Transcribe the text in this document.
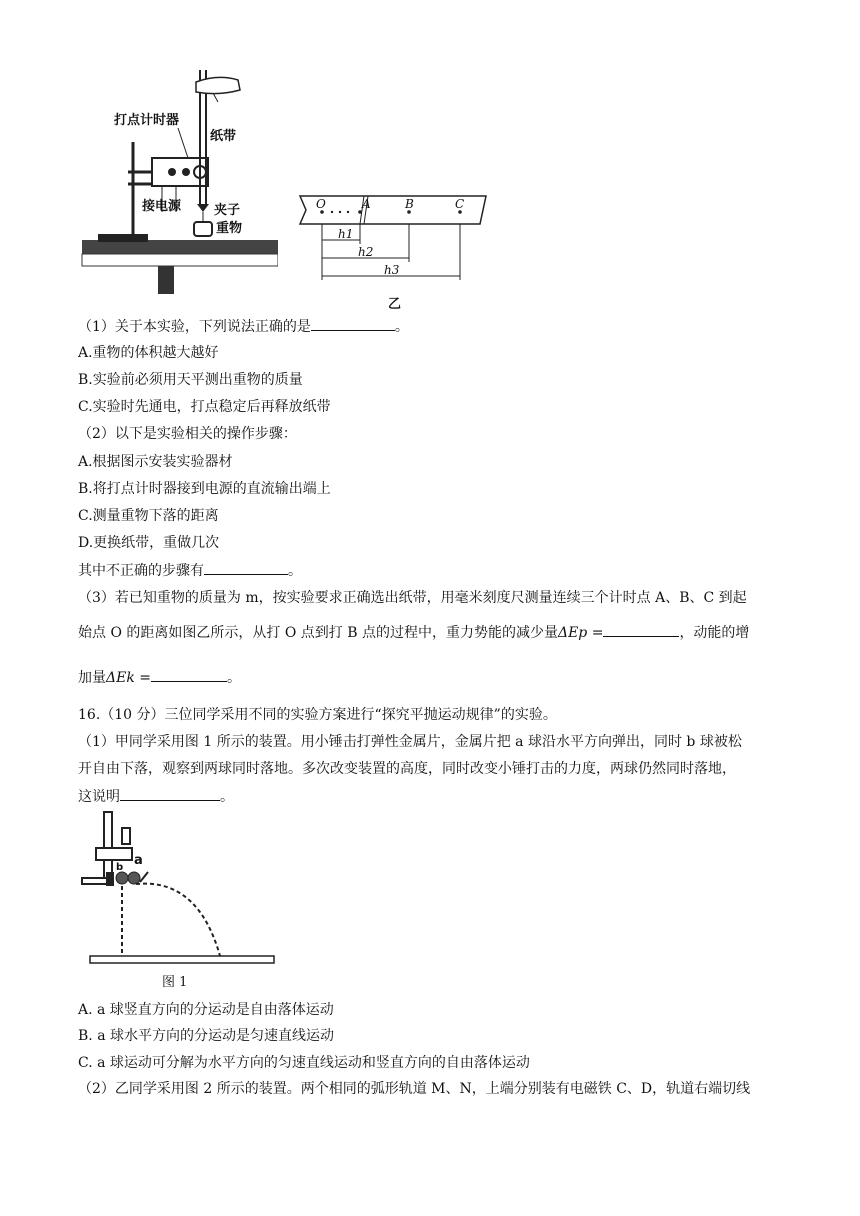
打点计时器
纸带
接电源	夹子
重物
O	A	B	C
h1
h2
h3
乙
（1）关于本实验，下列说法正确的是	。
A.重物的体积越大越好
B.实验前必须用天平测出重物的质量
C.实验时先通电，打点稳定后再释放纸带
（2）以下是实验相关的操作步骤：
A.根据图示安装实验器材
B.将打点计时器接到电源的直流输出端上
C.测量重物下落的距离
D.更换纸带，重做几次
其中不正确的步骤有	。
（3）若已知重物的质量为 m，按实验要求正确选出纸带，用毫米刻度尺测量连续三个计时点 A、B、C 到起
始点 O 的距离如图乙所示，从打 O 点到打 B 点的过程中，重力势能的减少量ΔEp =	，动能的增
加量ΔEk =	。
16.（10 分）三位同学采用不同的实验方案进行“探究平抛运动规律”的实验。
（1）甲同学采用图 1 所示的装置。用小锤击打弹性金属片，金属片把 a 球沿水平方向弹出，同时 b 球被松
开自由下落，观察到两球同时落地。多次改变装置的高度，同时改变小锤打击的力度，两球仍然同时落地，
这说明	。
a
b
图 1
A. a 球竖直方向的分运动是自由落体运动
B. a 球水平方向的分运动是匀速直线运动
C. a 球运动可分解为水平方向的匀速直线运动和竖直方向的自由落体运动
（2）乙同学采用图 2 所示的装置。两个相同的弧形轨道 M、N，上端分别装有电磁铁 C、D，轨道右端切线
